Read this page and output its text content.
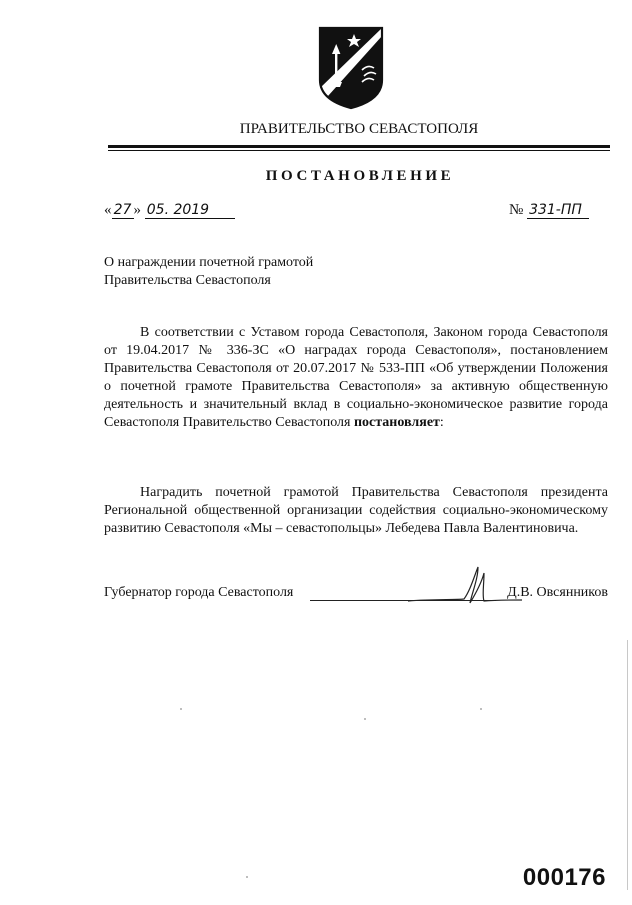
ПРАВИТЕЛЬСТВО СЕВАСТОПОЛЯ
ПОСТАНОВЛЕНИЕ
« 27 » 05. 2019	№ 331-ПП
О награждении почетной грамотой
Правительства Севастополя

В соответствии с Уставом города Севастополя, Законом города Севастополя от 19.04.2017 № 336-ЗС «О наградах города Севастополя», постановлением Правительства Севастополя от 20.07.2017 № 533-ПП «Об утверждении Положения о почетной грамоте Правительства Севастополя» за активную общественную деятельность и значительный вклад в социально-экономическое развитие города Севастополя Правительство Севастополя постановляет:

Наградить почетной грамотой Правительства Севастополя президента Региональной общественной организации содействия социально-экономическому развитию Севастополя «Мы – севастопольцы» Лебедева Павла Валентиновича.

Губернатор города Севастополя	Д.В. Овсянников
000176
